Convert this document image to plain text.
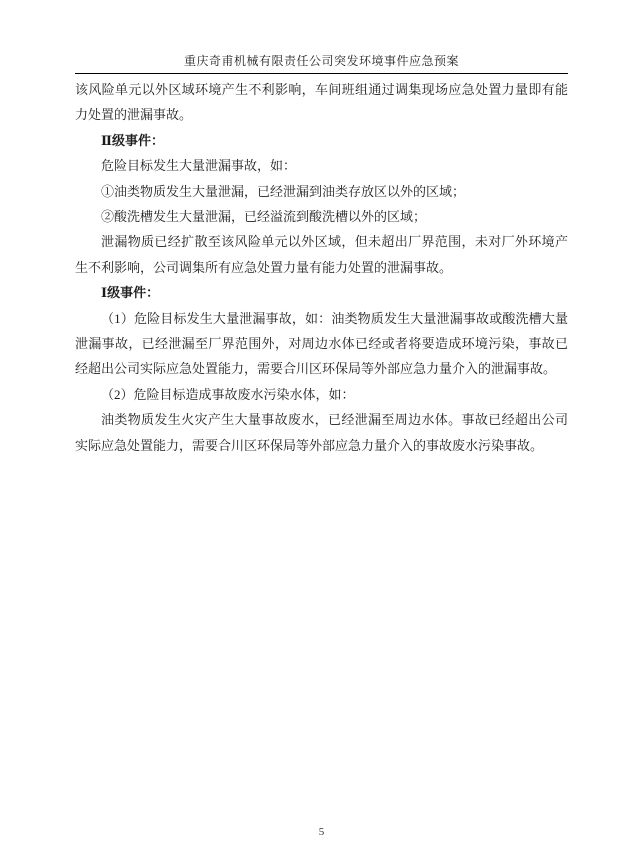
重庆奇甫机械有限责任公司突发环境事件应急预案

该风险单元以外区域环境产生不利影响，车间班组通过调集现场应急处置力量即有能力处置的泄漏事故。

Ⅱ级事件：

危险目标发生大量泄漏事故，如：

①油类物质发生大量泄漏，已经泄漏到油类存放区以外的区域；

②酸洗槽发生大量泄漏，已经溢流到酸洗槽以外的区域；

泄漏物质已经扩散至该风险单元以外区域，但未超出厂界范围，未对厂外环境产生不利影响，公司调集所有应急处置力量有能力处置的泄漏事故。

Ⅰ级事件：

（1）危险目标发生大量泄漏事故，如：油类物质发生大量泄漏事故或酸洗槽大量泄漏事故，已经泄漏至厂界范围外，对周边水体已经或者将要造成环境污染，事故已经超出公司实际应急处置能力，需要合川区环保局等外部应急力量介入的泄漏事故。

（2）危险目标造成事故废水污染水体，如：

油类物质发生火灾产生大量事故废水，已经泄漏至周边水体。事故已经超出公司实际应急处置能力，需要合川区环保局等外部应急力量介入的事故废水污染事故。

5
